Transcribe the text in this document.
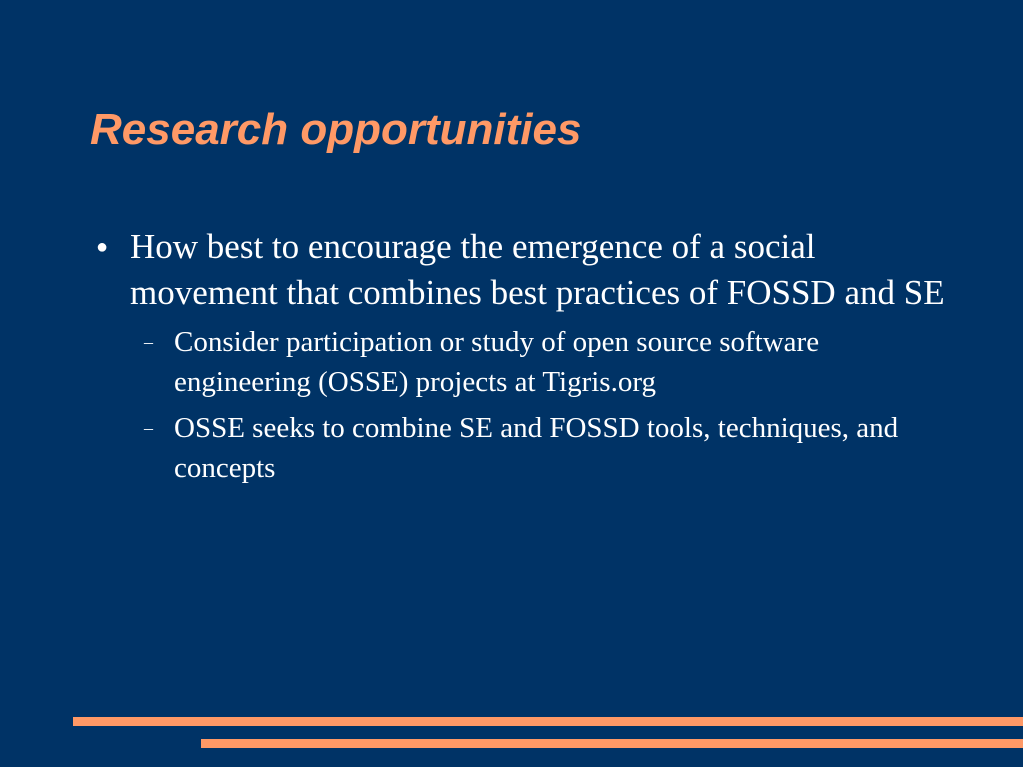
Research opportunities
● How best to encourage the emergence of a social movement that combines best practices of FOSSD and SE
– Consider participation or study of open source software engineering (OSSE) projects at Tigris.org
– OSSE seeks to combine SE and FOSSD tools, techniques, and concepts
